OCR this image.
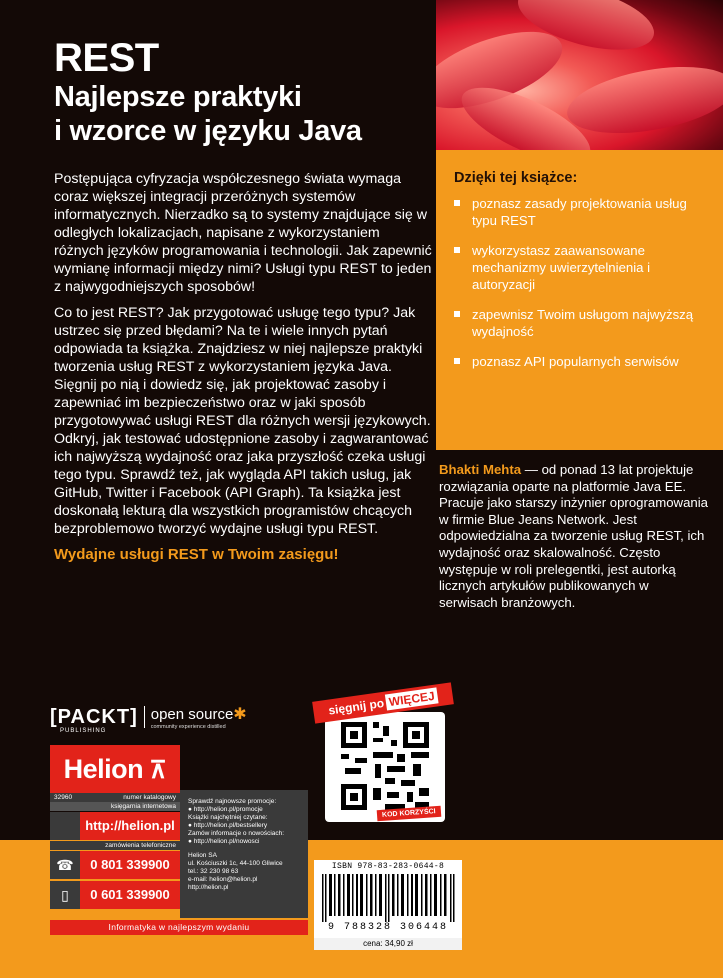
REST
Najlepsze praktyki
i wzorce w języku Java

Postępująca cyfryzacja współczesnego świata wymaga coraz większej integracji przeróżnych systemów informatycznych. Nierzadko są to systemy znajdujące się w odległych lokalizacjach, napisane z wykorzystaniem różnych języków programowania i technologii. Jak zapewnić wymianę informacji między nimi? Usługi typu REST to jeden z najwygodniejszych sposobów!

Co to jest REST? Jak przygotować usługę tego typu? Jak ustrzec się przed błędami? Na te i wiele innych pytań odpowiada ta książka. Znajdziesz w niej najlepsze praktyki tworzenia usług REST z wykorzystaniem języka Java. Sięgnij po nią i dowiedz się, jak projektować zasoby i zapewniać im bezpieczeństwo oraz w jaki sposób przygotowywać usługi REST dla różnych wersji językowych. Odkryj, jak testować udostępnione zasoby i zagwarantować ich najwyższą wydajność oraz jaka przyszłość czeka usługi tego typu. Sprawdź też, jak wygląda API takich usług, jak GitHub, Twitter i Facebook (API Graph). Ta książka jest doskonałą lekturą dla wszystkich programistów chcących bezproblemowo tworzyć wydajne usługi typu REST.

Wydajne usługi REST w Twoim zasięgu!

Dzięki tej książce:

poznasz zasady projektowania usług typu REST
wykorzystasz zaawansowane mechanizmy uwierzytelnienia i autoryzacji
zapewnisz Twoim usługom najwyższą wydajność
poznasz API popularnych serwisów

Bhakti Mehta — od ponad 13 lat projektuje rozwiązania oparte na platformie Java EE. Pracuje jako starszy inżynier oprogramowania w firmie Blue Jeans Network. Jest odpowiedzialna za tworzenie usług REST, ich wydajność oraz skalowalność. Często występuje w roli prelegentki, jest autorką licznych artykułów publikowanych w serwisach branżowych.

[PACKT]
PUBLISHING
open source✱
community experience distilled
sięgnij po WIĘCEJ
KOD KORZYŚCI
Helion ⊼
32960	numer katalogowy
księgarnia internetowa
http://helion.pl
zamówienia telefoniczne
☎	0 801 339900
▯	0 601 339900

Sprawdź najnowsze promocje:

● http://helion.pl/promocje

Książki najchętniej czytane:

● http://helion.pl/bestsellery

Zamów informacje o nowościach:

● http://helion.pl/nowosci

Helion SA

ul. Kościuszki 1c, 44-100 Gliwice

tel.: 32 230 98 63

e-mail: helion@helion.pl

http://helion.pl

Informatyka w najlepszym wydaniu
ISBN 978-83-283-0644-8
9 788328 306448
cena: 34,90 zł
